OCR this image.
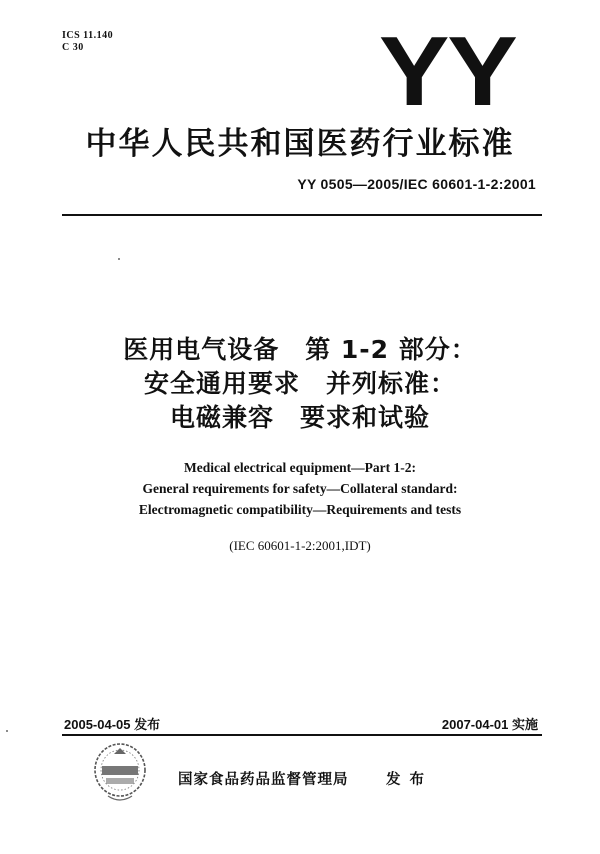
ICS 11.140
C 30	YY
中华人民共和国医药行业标准
YY 0505—2005/IEC 60601-1-2:2001
医用电气设备　第 1-2 部分：
安全通用要求　并列标准：
电磁兼容　要求和试验
Medical electrical equipment—Part 1-2:
General requirements for safety—Collateral standard:
Electromagnetic compatibility—Requirements and tests
(IEC 60601-1-2:2001,IDT)
2005-04-05 发布	2007-04-01 实施
国家食品药品监督管理局	发 布
